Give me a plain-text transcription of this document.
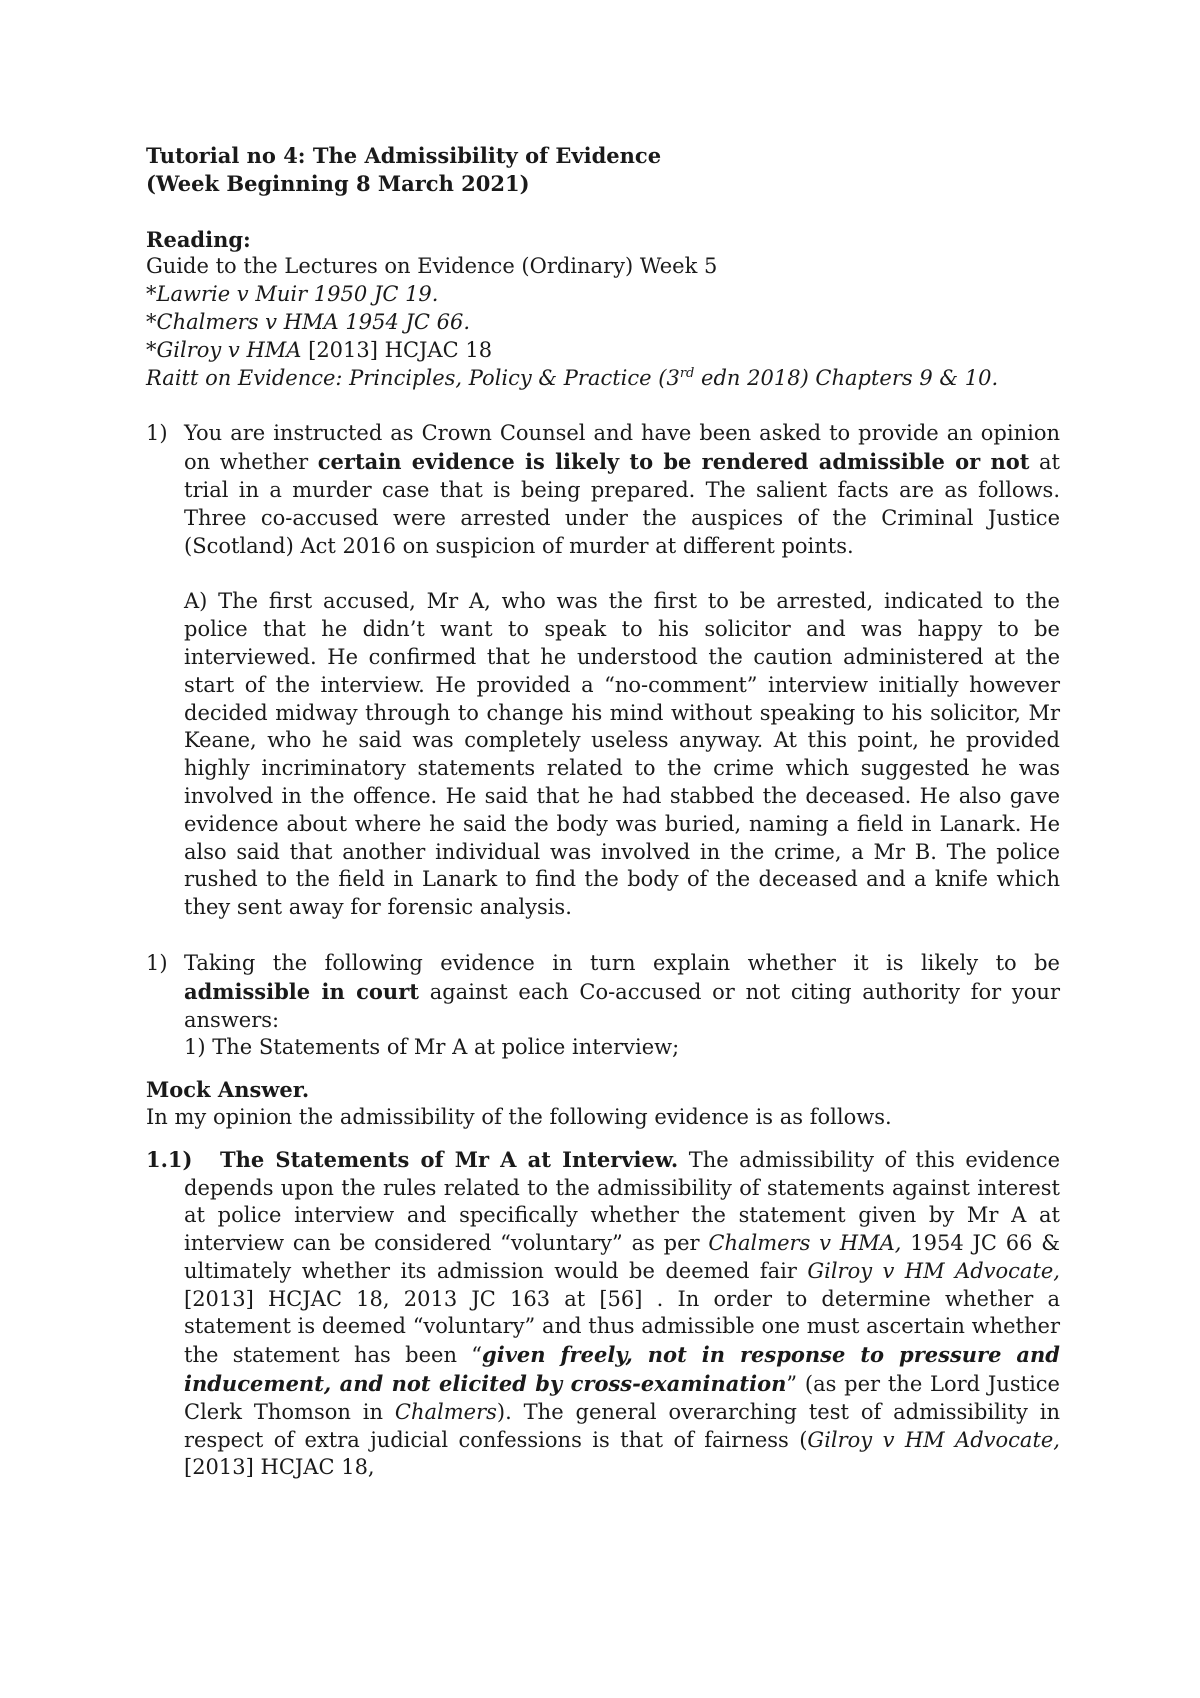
Tutorial no 4: The Admissibility of Evidence
(Week Beginning 8 March 2021)

Reading:

Guide to the Lectures on Evidence (Ordinary) Week 5

*Lawrie v Muir 1950 JC 19.

*Chalmers v HMA 1954 JC 66.

*Gilroy v HMA [2013] HCJAC 18

Raitt on Evidence: Principles, Policy & Practice (3rd edn 2018) Chapters 9 & 10.

1) You are instructed as Crown Counsel and have been asked to provide an opinion on whether certain evidence is likely to be rendered admissible or not at trial in a murder case that is being prepared. The salient facts are as follows. Three co-accused were arrested under the auspices of the Criminal Justice (Scotland) Act 2016 on suspicion of murder at different points.
A) The first accused, Mr A, who was the first to be arrested, indicated to the police that he didn’t want to speak to his solicitor and was happy to be interviewed. He confirmed that he understood the caution administered at the start of the interview. He provided a “no-comment” interview initially however decided midway through to change his mind without speaking to his solicitor, Mr Keane, who he said was completely useless anyway. At this point, he provided highly incriminatory statements related to the crime which suggested he was involved in the offence. He said that he had stabbed the deceased. He also gave evidence about where he said the body was buried, naming a field in Lanark. He also said that another individual was involved in the crime, a Mr B. The police rushed to the field in Lanark to find the body of the deceased and a knife which they sent away for forensic analysis.
1) Taking the following evidence in turn explain whether it is likely to be admissible in court against each Co-accused or not citing authority for your answers:
1) The Statements of Mr A at police interview;

Mock Answer.

In my opinion the admissibility of the following evidence is as follows.

1.1) The Statements of Mr A at Interview. The admissibility of this evidence depends upon the rules related to the admissibility of statements against interest at police interview and specifically whether the statement given by Mr A at interview can be considered “voluntary” as per Chalmers v HMA, 1954 JC 66 & ultimately whether its admission would be deemed fair Gilroy v HM Advocate, [2013] HCJAC 18, 2013 JC 163 at [56] . In order to determine whether a statement is deemed “voluntary” and thus admissible one must ascertain whether the statement has been “given freely, not in response to pressure and inducement, and not elicited by cross-examination” (as per the Lord Justice Clerk Thomson in Chalmers). The general overarching test of admissibility in respect of extra judicial confessions is that of fairness (Gilroy v HM Advocate, [2013] HCJAC 18,
